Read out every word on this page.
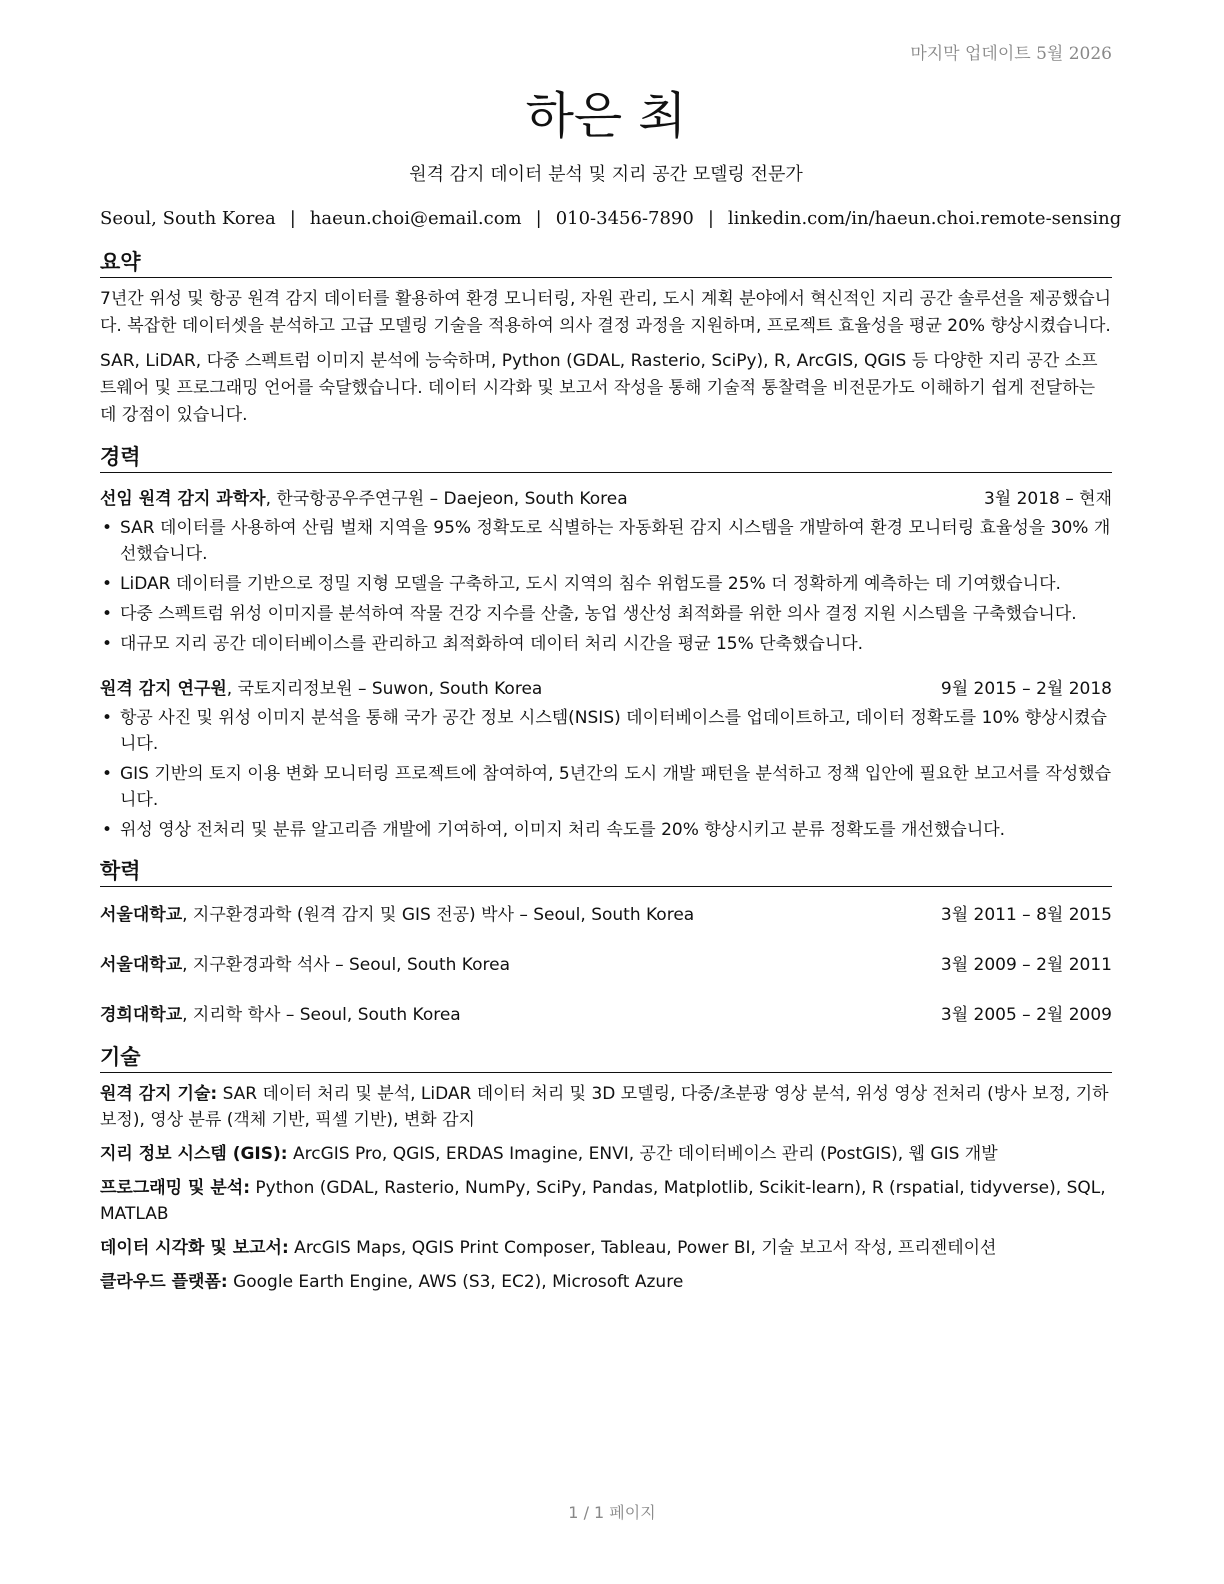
마지막 업데이트 5월 2026
하은 최
원격 감지 데이터 분석 및 지리 공간 모델링 전문가
Seoul, South Korea | haeun.choi@email.com | 010-3456-7890 | linkedin.com/in/haeun.choi.remote-sensing
요약

7년간 위성 및 항공 원격 감지 데이터를 활용하여 환경 모니터링, 자원 관리, 도시 계획 분야에서 혁신적인 지리 공간 솔루션을 제공했습니다. 복잡한 데이터셋을 분석하고 고급 모델링 기술을 적용하여 의사 결정 과정을 지원하며, 프로젝트 효율성을 평균 20% 향상시켰습니다.

SAR, LiDAR, 다중 스펙트럼 이미지 분석에 능숙하며, Python (GDAL, Rasterio, SciPy), R, ArcGIS, QGIS 등 다양한 지리 공간 소프트웨어 및 프로그래밍 언어를 숙달했습니다. 데이터 시각화 및 보고서 작성을 통해 기술적 통찰력을 비전문가도 이해하기 쉽게 전달하는 데 강점이 있습니다.

경력
선임 원격 감지 과학자, 한국항공우주연구원 – Daejeon, South Korea	3월 2018 – 현재
• SAR 데이터를 사용하여 산림 벌채 지역을 95% 정확도로 식별하는 자동화된 감지 시스템을 개발하여 환경 모니터링 효율성을 30% 개선했습니다.
• LiDAR 데이터를 기반으로 정밀 지형 모델을 구축하고, 도시 지역의 침수 위험도를 25% 더 정확하게 예측하는 데 기여했습니다.
• 다중 스펙트럼 위성 이미지를 분석하여 작물 건강 지수를 산출, 농업 생산성 최적화를 위한 의사 결정 지원 시스템을 구축했습니다.
• 대규모 지리 공간 데이터베이스를 관리하고 최적화하여 데이터 처리 시간을 평균 15% 단축했습니다.
원격 감지 연구원, 국토지리정보원 – Suwon, South Korea	9월 2015 – 2월 2018
• 항공 사진 및 위성 이미지 분석을 통해 국가 공간 정보 시스템(NSIS) 데이터베이스를 업데이트하고, 데이터 정확도를 10% 향상시켰습니다.
• GIS 기반의 토지 이용 변화 모니터링 프로젝트에 참여하여, 5년간의 도시 개발 패턴을 분석하고 정책 입안에 필요한 보고서를 작성했습니다.
• 위성 영상 전처리 및 분류 알고리즘 개발에 기여하여, 이미지 처리 속도를 20% 향상시키고 분류 정확도를 개선했습니다.
학력
서울대학교, 지구환경과학 (원격 감지 및 GIS 전공) 박사 – Seoul, South Korea	3월 2011 – 8월 2015
서울대학교, 지구환경과학 석사 – Seoul, South Korea	3월 2009 – 2월 2011
경희대학교, 지리학 학사 – Seoul, South Korea	3월 2005 – 2월 2009
기술
원격 감지 기술: SAR 데이터 처리 및 분석, LiDAR 데이터 처리 및 3D 모델링, 다중/초분광 영상 분석, 위성 영상 전처리 (방사 보정, 기하 보정), 영상 분류 (객체 기반, 픽셀 기반), 변화 감지
지리 정보 시스템 (GIS): ArcGIS Pro, QGIS, ERDAS Imagine, ENVI, 공간 데이터베이스 관리 (PostGIS), 웹 GIS 개발
프로그래밍 및 분석: Python (GDAL, Rasterio, NumPy, SciPy, Pandas, Matplotlib, Scikit-learn), R (rspatial, tidyverse), SQL, MATLAB
데이터 시각화 및 보고서: ArcGIS Maps, QGIS Print Composer, Tableau, Power BI, 기술 보고서 작성, 프리젠테이션
클라우드 플랫폼: Google Earth Engine, AWS (S3, EC2), Microsoft Azure
1 / 1 페이지
